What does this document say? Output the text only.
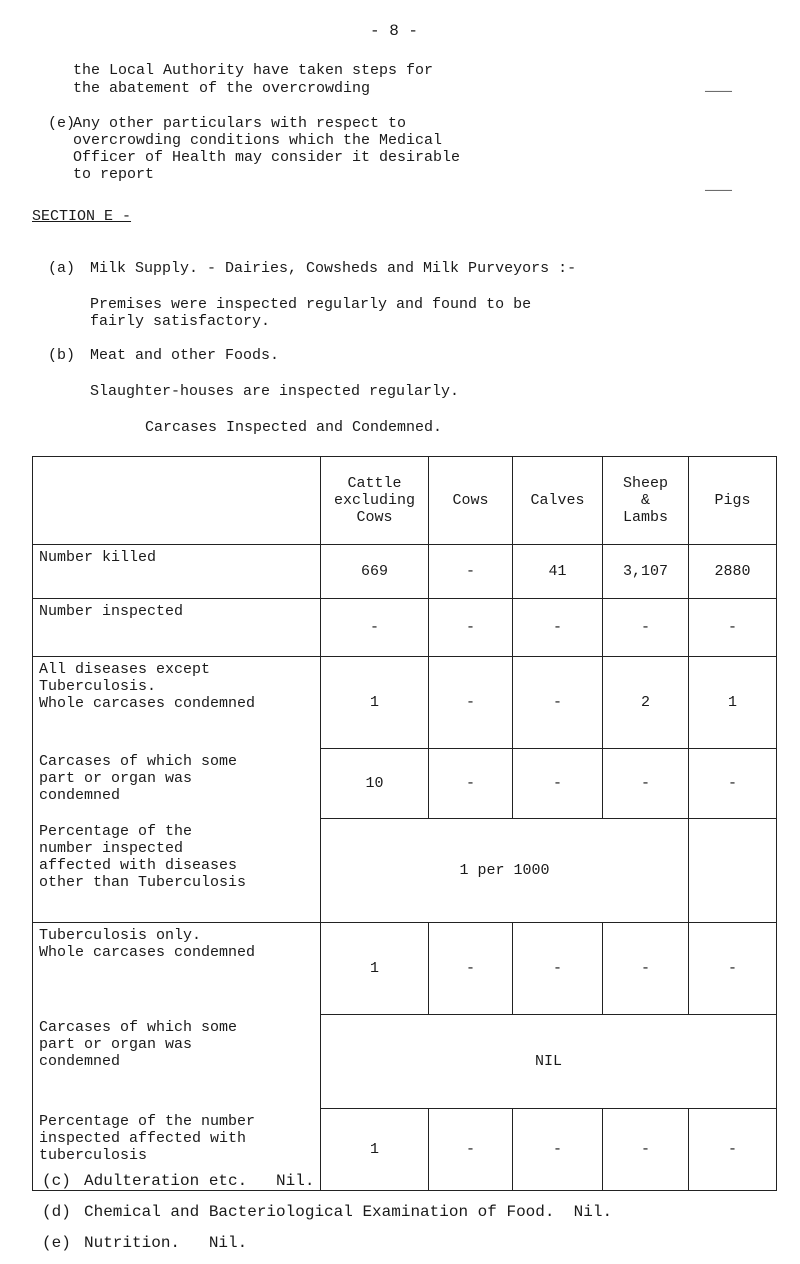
- 8 -
the Local Authority have taken steps for
the abatement of the overcrowding	___
(e)
Any other particulars with respect to
overcrowding conditions which the Medical
Officer of Health may consider it desirable
to report
___
SECTION E -
(a) Milk Supply. - Dairies, Cowsheds and Milk Purveyors :-
Premises were inspected regularly and found to be
fairly satisfactory.
(b) Meat and other Foods.
Slaughter-houses are inspected regularly.
Carcases Inspected and Condemned.
	Cattle
excluding
Cows	Cows	Calves	Sheep
&
Lambs	Pigs
Number killed	669	-	41	3,107	2880
Number inspected	-	-	-	-	-
All diseases except
Tuberculosis.
Whole carcases condemned	1	-	-	2	1
Carcases of which some
part or organ was
condemned	10	-	-	-	-
Percentage of the
number inspected
affected with diseases
other than Tuberculosis	1 per 1000				
Tuberculosis only.
Whole carcases condemned	1	-	-	-	-
Carcases of which some
part or organ was
condemned	NIL				
Percentage of the number
inspected affected with
tuberculosis	1	-	-	-	-
(c) Adulteration etc.   Nil.
(d) Chemical and Bacteriological Examination of Food.  Nil.
(e) Nutrition.   Nil.
